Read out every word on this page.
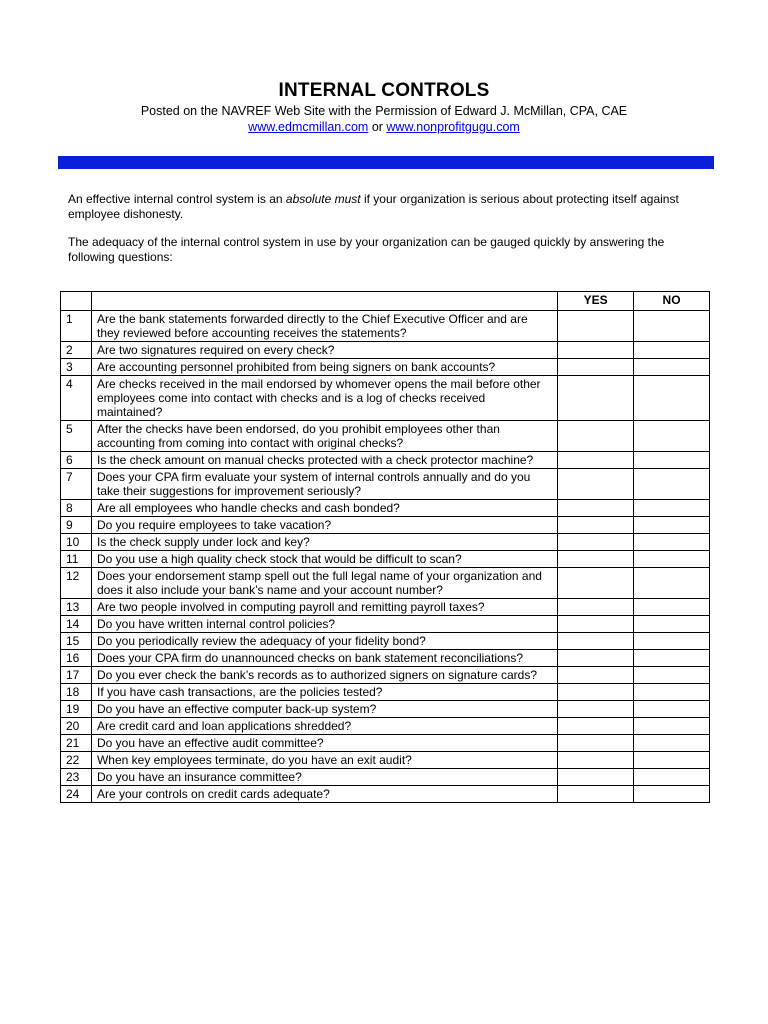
INTERNAL CONTROLS
Posted on the NAVREF Web Site with the Permission of Edward J. McMillan, CPA, CAE
www.edmcmillan.com or www.nonprofitgugu.com
An effective internal control system is an absolute must if your organization is serious about protecting itself against employee dishonesty.
The adequacy of the internal control system in use by your organization can be gauged quickly by answering the following questions:
		YES	NO
1	Are the bank statements forwarded directly to the Chief Executive Officer and are they reviewed before accounting receives the statements?		
2	Are two signatures required on every check?		
3	Are accounting personnel prohibited from being signers on bank accounts?		
4	Are checks received in the mail endorsed by whomever opens the mail before other employees come into contact with checks and is a log of checks received maintained?		
5	After the checks have been endorsed, do you prohibit employees other than accounting from coming into contact with original checks?		
6	Is the check amount on manual checks protected with a check protector machine?		
7	Does your CPA firm evaluate your system of internal controls annually and do you take their suggestions for improvement seriously?		
8	Are all employees who handle checks and cash bonded?		
9	Do you require employees to take vacation?		
10	Is the check supply under lock and key?		
11	Do you use a high quality check stock that would be difficult to scan?		
12	Does your endorsement stamp spell out the full legal name of your organization and does it also include your bank’s name and your account number?		
13	Are two people involved in computing payroll and remitting payroll taxes?		
14	Do you have written internal control policies?		
15	Do you periodically review the adequacy of your fidelity bond?		
16	Does your CPA firm do unannounced checks on bank statement reconciliations?		
17	Do you ever check the bank’s records as to authorized signers on signature cards?		
18	If you have cash transactions, are the policies tested?		
19	Do you have an effective computer back-up system?		
20	Are credit card and loan applications shredded?		
21	Do you have an effective audit committee?		
22	When key employees terminate, do you have an exit audit?		
23	Do you have an insurance committee?		
24	Are your controls on credit cards adequate?		
